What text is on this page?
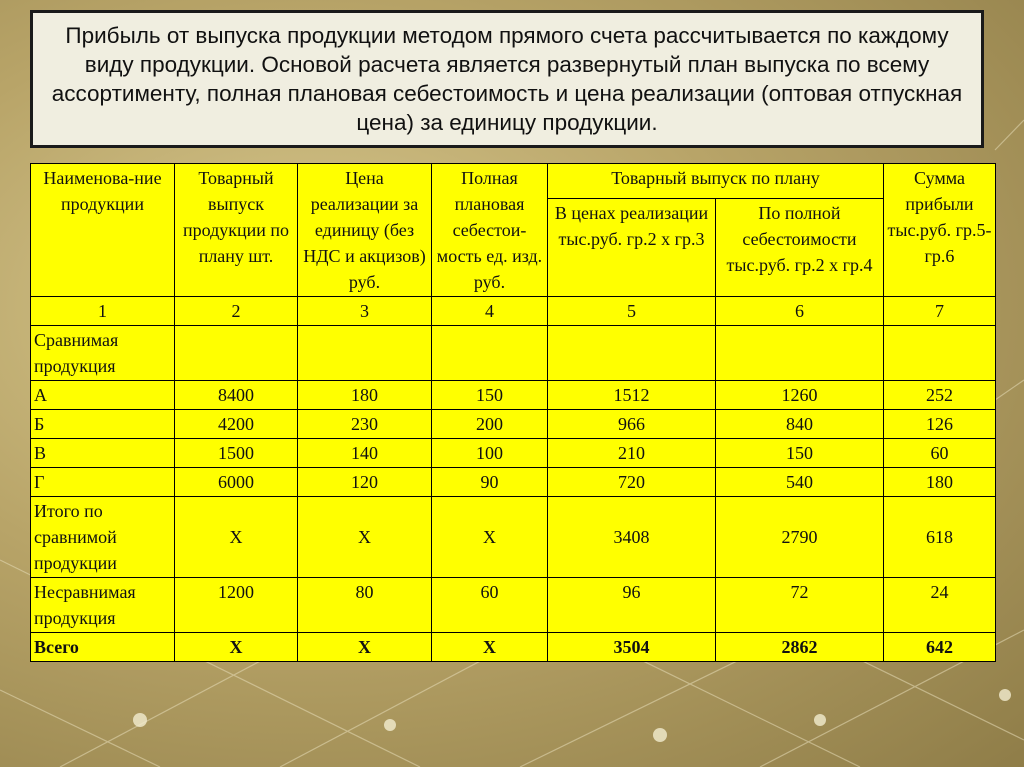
Прибыль от выпуска продукции методом прямого счета рассчитывается по каждому виду продукции. Основой расчета является развернутый план выпуска по всему ассортименту, полная плановая себестоимость и цена реализации (оптовая отпускная цена) за единицу продукции.
Наименова-ние продукции	Товарный выпуск продукции по плану шт.	Цена реализации за единицу (без НДС и акцизов) руб.	Полная плановая себестои-мость ед. изд. руб.	Товарный выпуск по плану		Сумма прибыли тыс.руб. гр.5-гр.6
				В ценах реализации тыс.руб. гр.2 х гр.3	По полной себестоимости тыс.руб. гр.2 х гр.4	
1	2	3	4	5	6	7
Сравнимая продукция						
А	8400	180	150	1512	1260	252
Б	4200	230	200	966	840	126
В	1500	140	100	210	150	60
Г	6000	120	90	720	540	180
Итого по сравнимой продукции	Х	Х	Х	3408	2790	618
Несравнимая продукция	1200	80	60	96	72	24
Всего	Х	Х	Х	3504	2862	642
